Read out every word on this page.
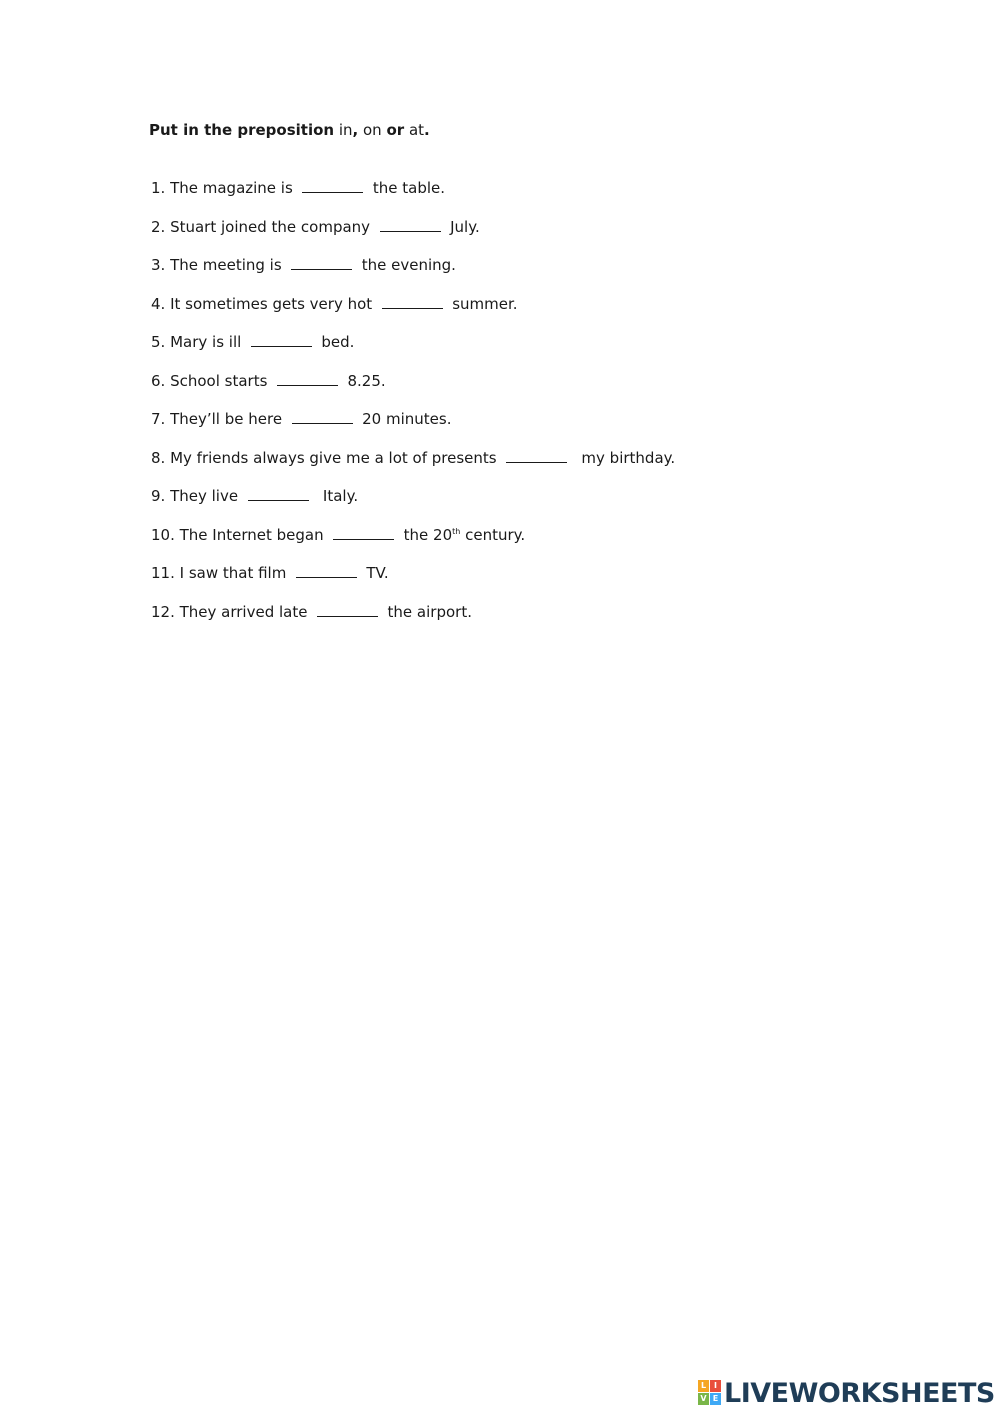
Put in the preposition in, on or at.
1. The magazine is	the table.
2. Stuart joined the company	July.
3. The meeting is	the evening.
4. It sometimes gets very hot	summer.
5. Mary is ill	bed.
6. School starts	8.25.
7. They’ll be here	20 minutes.
8. My friends always give me a lot of presents	my birthday.
9. They live	Italy.
10. The Internet began	the 20th century.
11. I saw that film	TV.
12. They arrived late	the airport.
L I
V E LIVEWORKSHEETS
